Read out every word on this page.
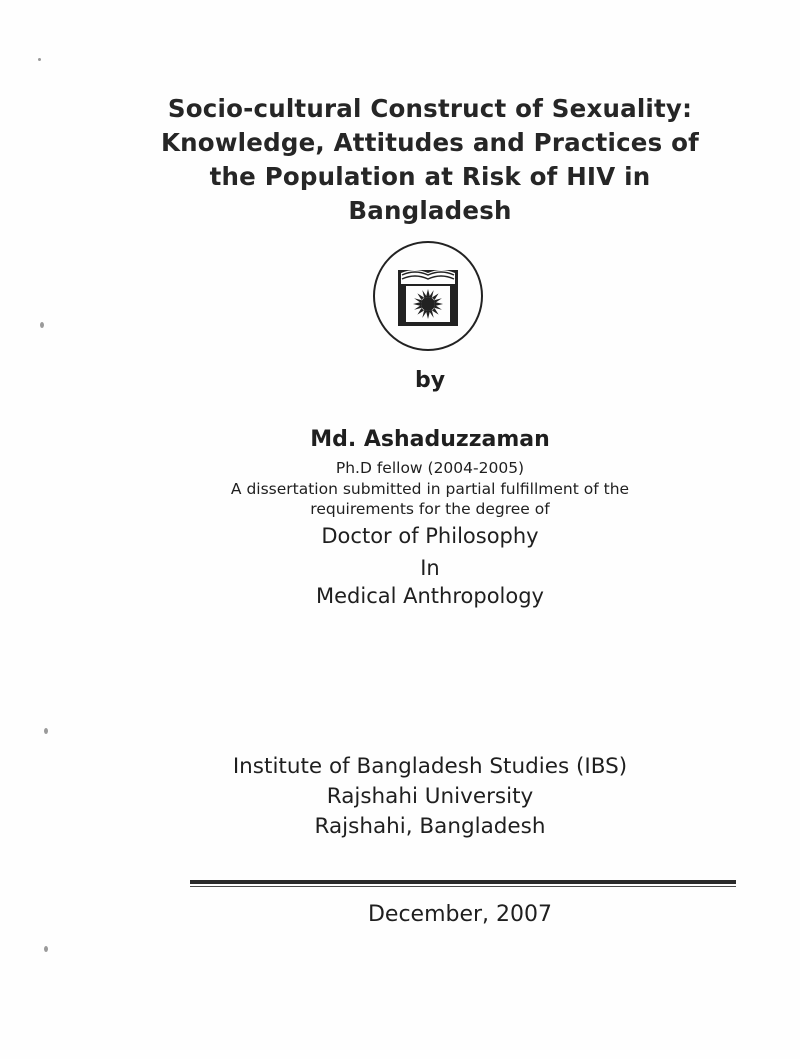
Socio-cultural Construct of Sexuality:
Knowledge, Attitudes and Practices of
the Population at Risk of HIV in
Bangladesh
by
Md. Ashaduzzaman
Ph.D fellow (2004-2005)
A dissertation submitted in partial fulfillment of the
requirements for the degree of
Doctor of Philosophy
In
Medical Anthropology
Institute of Bangladesh Studies (IBS)
Rajshahi University
Rajshahi, Bangladesh
December, 2007
